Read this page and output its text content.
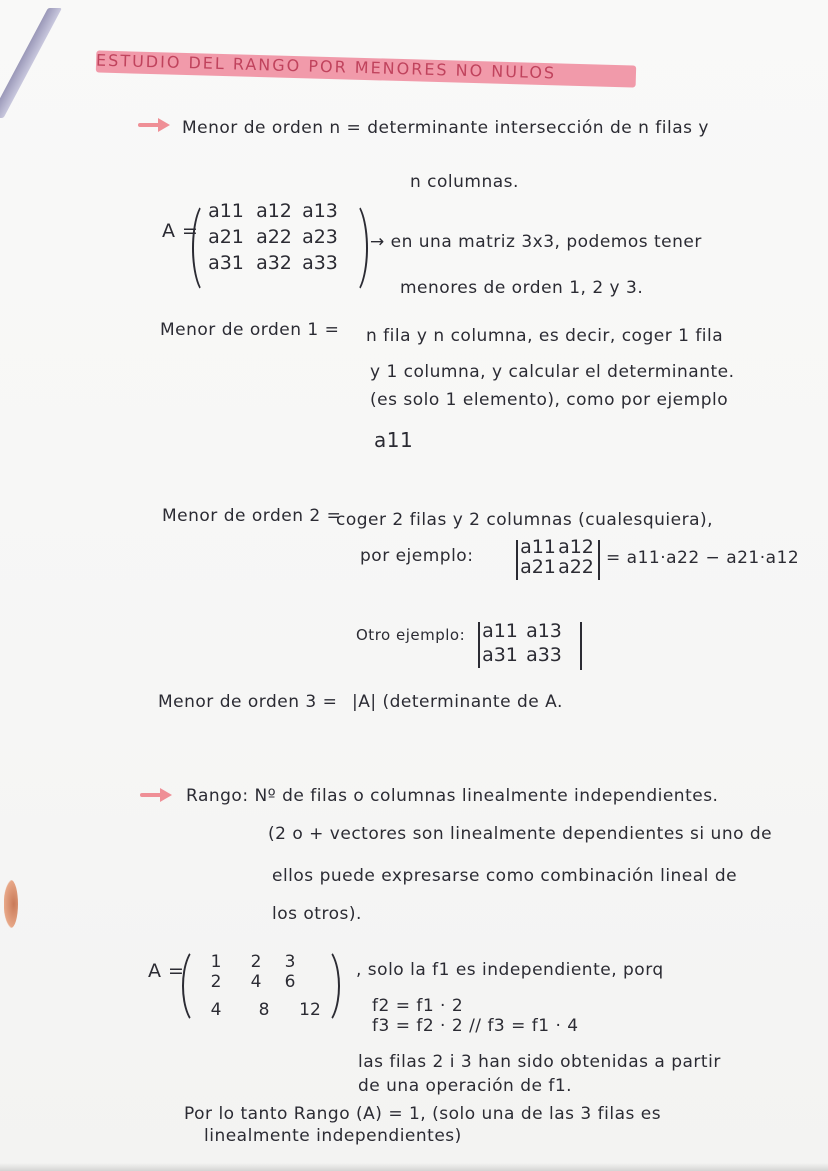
ESTUDIO DEL RANGO POR MENORES NO NULOS
Menor de orden n = determinante intersección de n filas y
n columnas.
A =
a11 a12 a13
a21 a22 a23
a31 a32 a33
→ en una matriz 3x3, podemos tener
menores de orden 1, 2 y 3.
Menor de orden 1 = n fila y n columna, es decir, coger 1 fila
y 1 columna, y calcular el determinante.
(es solo 1 elemento), como por ejemplo
a11
Menor de orden 2 =
coger 2 filas y 2 columnas (cualesquiera),
por ejemplo: a11 a12
a21 a22 = a11·a22 − a21·a12
Otro ejemplo: a11 a13
a31 a33
Menor de orden 3 = |A| (determinante de A.
Rango: Nº de filas o columnas linealmente independientes.
(2 o + vectores son linealmente dependientes si uno de
ellos puede expresarse como combinación lineal de
los otros).
A =	1	2	3
2	4	6
4	8	12
, solo la f1 es independiente, porq
f2 = f1 · 2
f3 = f2 · 2 // f3 = f1 · 4
las filas 2 i 3 han sido obtenidas a partir
de una operación de f1.
Por lo tanto Rango (A) = 1, (solo una de las 3 filas es
linealmente independientes)
